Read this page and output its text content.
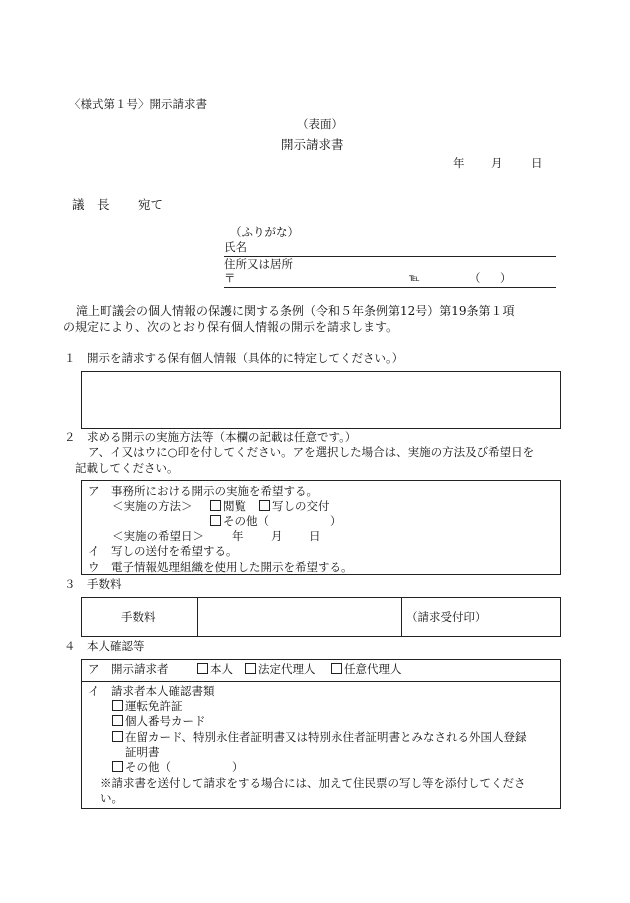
〈様式第１号〉開示請求書
（表面）
開示請求書
年 月 日
議　長 宛て
（ふりがな）
氏名
住所又は居所
〒	℡	（ ）
滝上町議会の個人情報の保護に関する条例（令和５年条例第12号）第19条第１項
の規定により、次のとおり保有個人情報の開示を請求します。
１　開示を請求する保有個人情報（具体的に特定してください。）
２　求める開示の実施方法等（本欄の記載は任意です。）
ア、イ又はウに○印を付してください。アを選択した場合は、実施の方法及び希望日を
記載してください。
ア　事務所における開示の実施を希望する。
＜実施の方法＞	閲覧	写しの交付
その他（	）
＜実施の希望日＞ 年 月 日
イ　写しの送付を希望する。
ウ　電子情報処理組織を使用した開示を希望する。
３　手数料
手数料	（請求受付印）
４　本人確認等
ア　開示請求者	本人	法定代理人	任意代理人
イ　請求者本人確認書類
運転免許証
個人番号カード
在留カード、特別永住者証明書又は特別永住者証明書とみなされる外国人登録
証明書
その他（	）
※請求書を送付して請求をする場合には、加えて住民票の写し等を添付してくださ
い。
